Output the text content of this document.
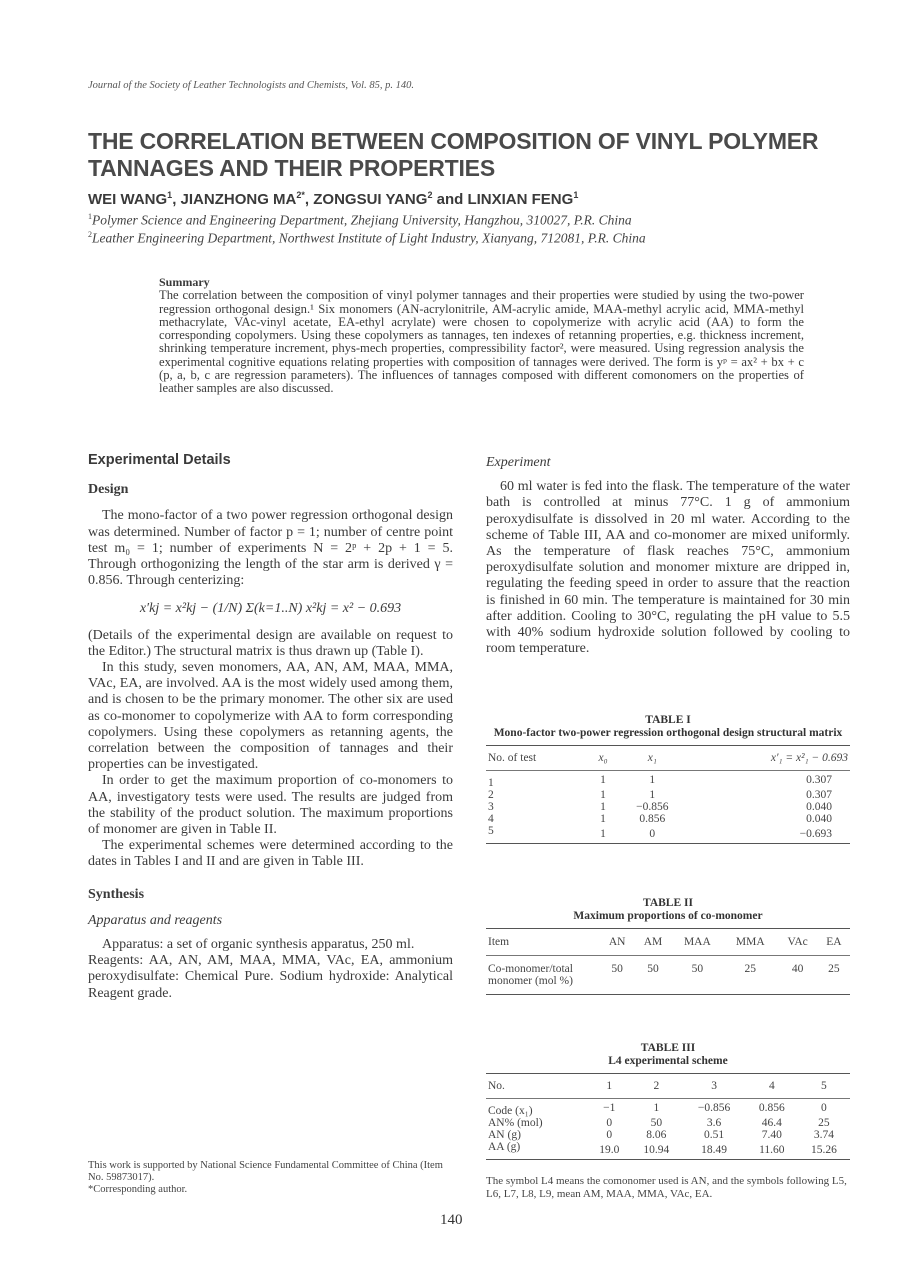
Journal of the Society of Leather Technologists and Chemists, Vol. 85, p. 140.
THE CORRELATION BETWEEN COMPOSITION OF VINYL POLYMER TANNAGES AND THEIR PROPERTIES
WEI WANG$^1$, JIANZHONG $MA^{2*}$, ZONGSUI YANG$^2$ and LINXIAN FENG$^1$
$^1$Polymer Science and Engineering Department, Zhejiang University, Hangzhou, 310027, P.R. China
$^2$Leather Engineering Department, Northwest Institute of Light Industry, Xianyang, 712081, P.R. China
Summary

The correlation between the composition of vinyl polymer tannages and their properties were studied by using the two-power regression orthogonal design.¹ Six monomers (AN-acrylonitrile, AM-acrylic amide, MAA-methyl acrylic acid, MMA-methyl methacrylate, VAc-vinyl acetate, EA-ethyl acrylate) were chosen to copolymerize with acrylic acid (AA) to form the corresponding copolymers. Using these copolymers as tannages, ten indexes of retanning properties, e.g. thickness increment, shrinking temperature increment, phys-mech properties, compressibility factor², were measured. Using regression analysis the experimental cognitive equations relating properties with composition of tannages were derived. The form is yᵖ = ax² + bx + c (p, a, b, c are regression parameters). The influences of tannages composed with different comonomers on the properties of leather samples are also discussed.

Experimental Details
Design

The mono-factor of a two power regression orthogonal design was determined. Number of factor p = 1; number of centre point test m₀ = 1; number of experiments N = 2ᵖ + 2p + 1 = 5. Through orthogonizing the length of the star arm is derived γ = 0.856. Through centerizing:

x′kj = x²kj − (1/N) Σ(k=1..N) x²kj = x² − 0.693

(Details of the experimental design are available on request to the Editor.) The structural matrix is thus drawn up (Table I).

In this study, seven monomers, AA, AN, AM, MAA, MMA, VAc, EA, are involved. AA is the most widely used among them, and is chosen to be the primary monomer. The other six are used as co-monomer to copolymerize with AA to form corresponding copolymers. Using these copolymers as retanning agents, the correlation between the composition of tannages and their properties can be investigated.

In order to get the maximum proportion of co-monomers to AA, investigatory tests were used. The results are judged from the stability of the product solution. The maximum proportions of monomer are given in Table II.

The experimental schemes were determined according to the dates in Tables I and II and are given in Table III.

Synthesis
Apparatus and reagents

Apparatus: a set of organic synthesis apparatus, 250 ml.

Reagents: AA, AN, AM, MAA, MMA, VAc, EA, ammonium peroxydisulfate: Chemical Pure. Sodium hydroxide: Analytical Reagent grade.

Experiment

60 ml water is fed into the flask. The temperature of the water bath is controlled at minus 77°C. 1 g of ammonium peroxydisulfate is dissolved in 20 ml water. According to the scheme of Table III, AA and co-monomer are mixed uniformly. As the temperature of flask reaches 75°C, ammonium peroxydisulfate solution and monomer mixture are dripped in, regulating the feeding speed in order to assure that the reaction is finished in 60 min. The temperature is maintained for 30 min after addition. Cooling to 30°C, regulating the pH value to 5.5 with 40% sodium hydroxide solution followed by cooling to room temperature.

TABLE I
Mono-factor two-power regression orthogonal design structural matrix
No. of test	x₀	x₁	x′₁ = x²₁ − 0.693
1	1	1	0.307
2	1	1	0.307
3	1	−0.856	0.040
4	1	0.856	0.040
5	1	0	−0.693
TABLE II
Maximum proportions of co-monomer
Item	AN	AM	MAA	MMA	VAc	EA
Co-monomer/total monomer (mol %)	50	50	50	25	40	25
TABLE III
L4 experimental scheme
No.	1	2	3	4	5
Code (x₁)	−1	1	−0.856	0.856	0
AN% (mol)	0	50	3.6	46.4	25
AN (g)	0	8.06	0.51	7.40	3.74
AA (g)	19.0	10.94	18.49	11.60	15.26
The symbol L4 means the comonomer used is AN, and the symbols following L5, L6, L7, L8, L9, mean AM, MAA, MMA, VAc, EA.
This work is supported by National Science Fundamental Committee of China (Item No. 59873017).
*Corresponding author.
140
